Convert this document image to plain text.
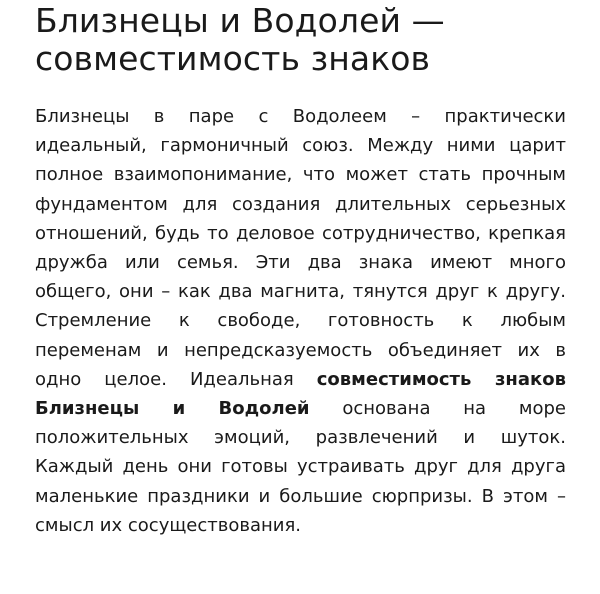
Близнецы и Водолей — совместимость знаков

Близнецы в паре с Водолеем – практически идеальный, гармоничный союз. Между ними царит полное взаимопонимание, что может стать прочным фундаментом для создания длительных серьезных отношений, будь то деловое сотрудничество, крепкая дружба или семья. Эти два знака имеют много общего, они – как два магнита, тянутся друг к другу. Стремление к свободе, готовность к любым переменам и непредсказуемость объединяет их в одно целое. Идеальная совместимость знаков Близнецы и Водолей основана на море положительных эмоций, развлечений и шуток. Каждый день они готовы устраивать друг для друга маленькие праздники и большие сюрпризы. В этом – смысл их сосуществования.
